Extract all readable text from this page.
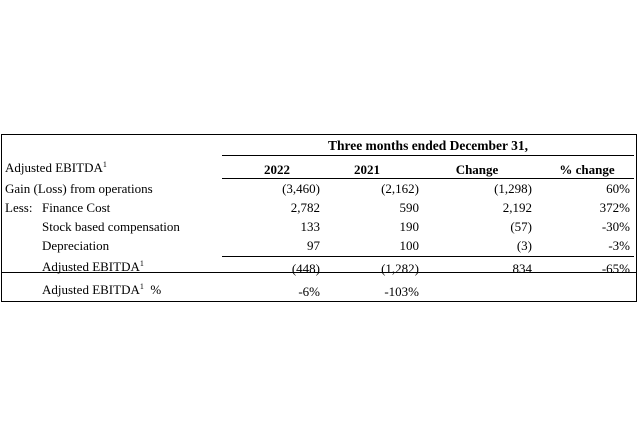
Three months ended December 31,
Adjusted EBITDA$^1$	2022	2021	Change	% change
Gain (Loss) from operations	(3,460)	(2,162)	(1,298)	60%
Less: Finance Cost	2,782	590	2,192	372%
Stock based compensation	133	190	(57)	-30%
Depreciation	97	100	(3)	-3%
Adjusted EBITDA$^1$	(448)	(1,282)	834	-65%
Adjusted EBITDA$^1$ %	-6%	-103%
